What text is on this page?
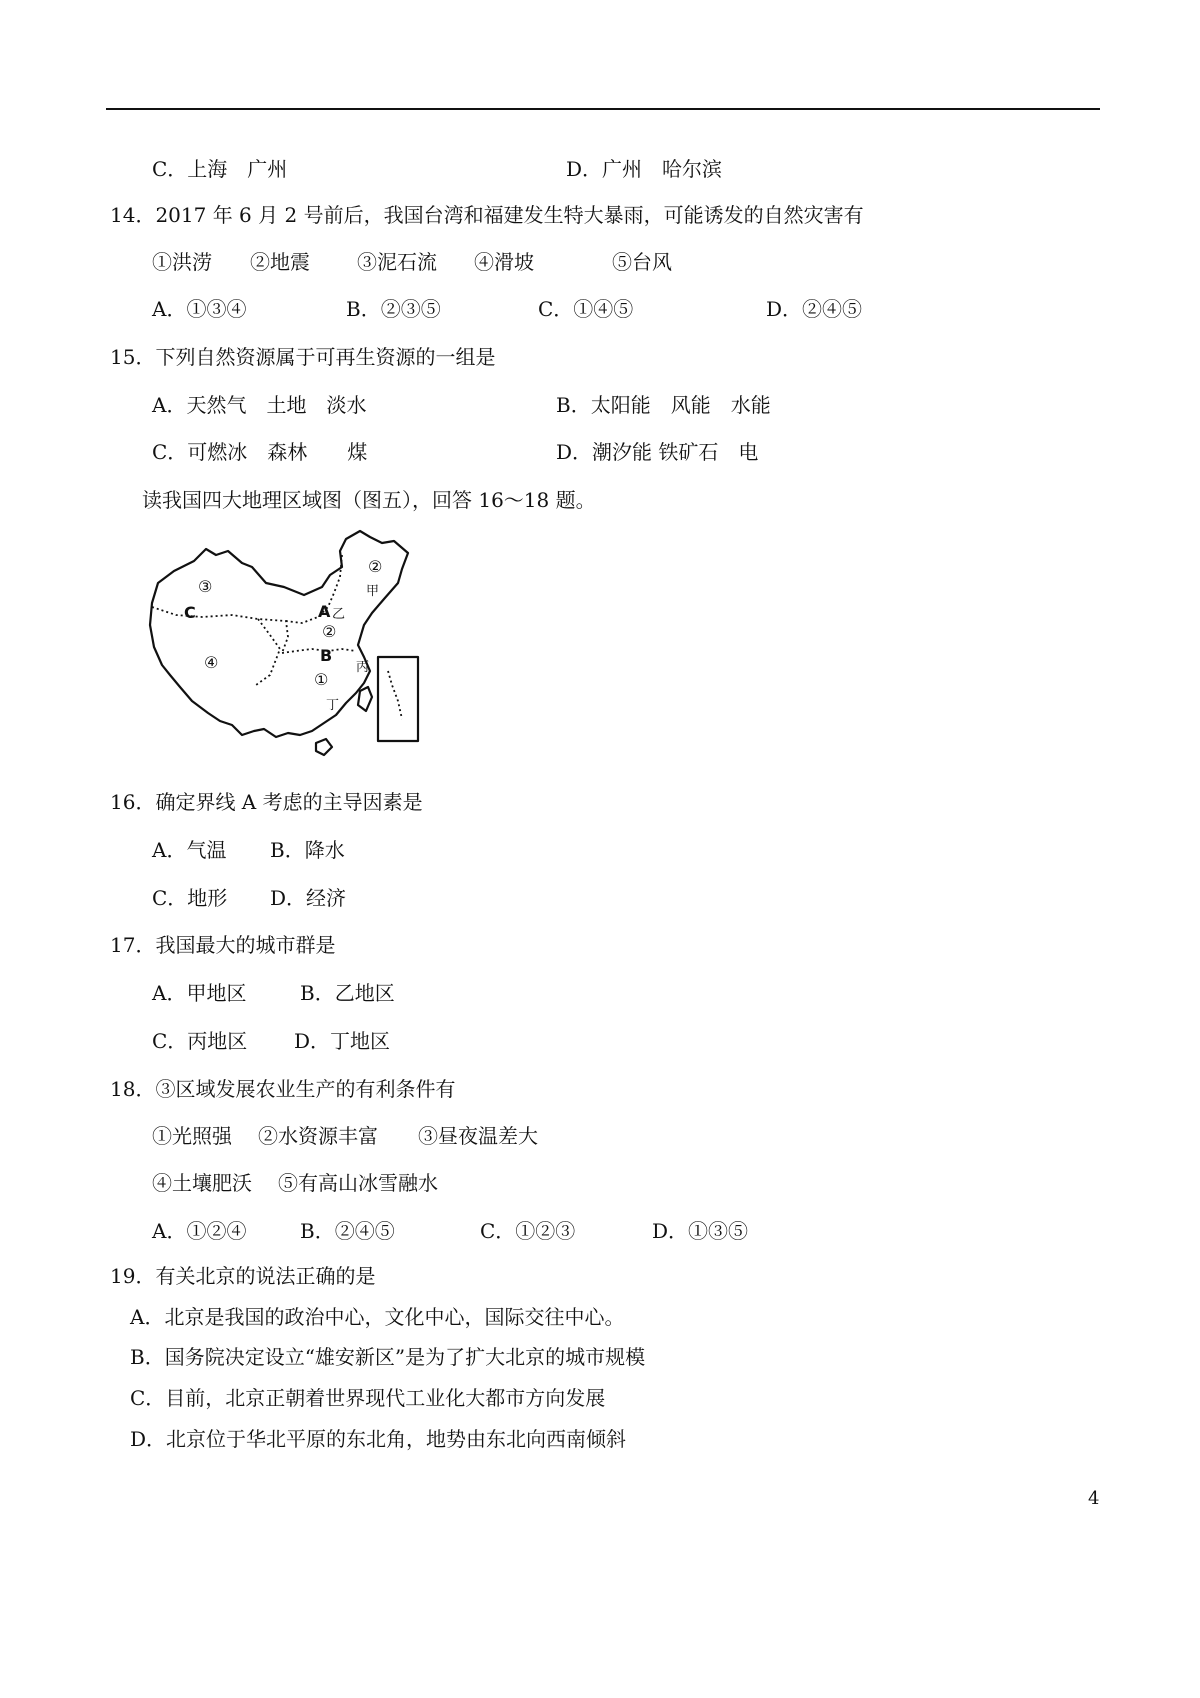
C．上海　广州	D．广州　哈尔滨
14．2017 年 6 月 2 号前后，我国台湾和福建发生特大暴雨，可能诱发的自然灾害有
①洪涝 ②地震 ③泥石流 ④滑坡	⑤台风
A．①③④	B．②③⑤	C．①④⑤	D．②④⑤
15．下列自然资源属于可再生资源的一组是
A．天然气　土地　淡水	B．太阳能　风能　水能
C．可燃冰　森林　　煤	D．潮汐能 铁矿石　电
读我国四大地理区域图（图五），回答 16～18 题。
③
④
②
②
①
A
B
C
甲
乙
丙
丁
16．确定界线 A 考虑的主导因素是
A．气温 B．降水
C．地形 D．经济
17．我国最大的城市群是
A．甲地区	B．乙地区
C．丙地区 D．丁地区
18．③区域发展农业生产的有利条件有
①光照强 ②水资源丰富 ③昼夜温差大
④土壤肥沃 ⑤有高山冰雪融水
A．①②④	B．②④⑤	C．①②③	D．①③⑤
19．有关北京的说法正确的是
A．北京是我国的政治中心，文化中心，国际交往中心。
B．国务院决定设立“雄安新区”是为了扩大北京的城市规模
C．目前，北京正朝着世界现代工业化大都市方向发展
D．北京位于华北平原的东北角，地势由东北向西南倾斜
4
